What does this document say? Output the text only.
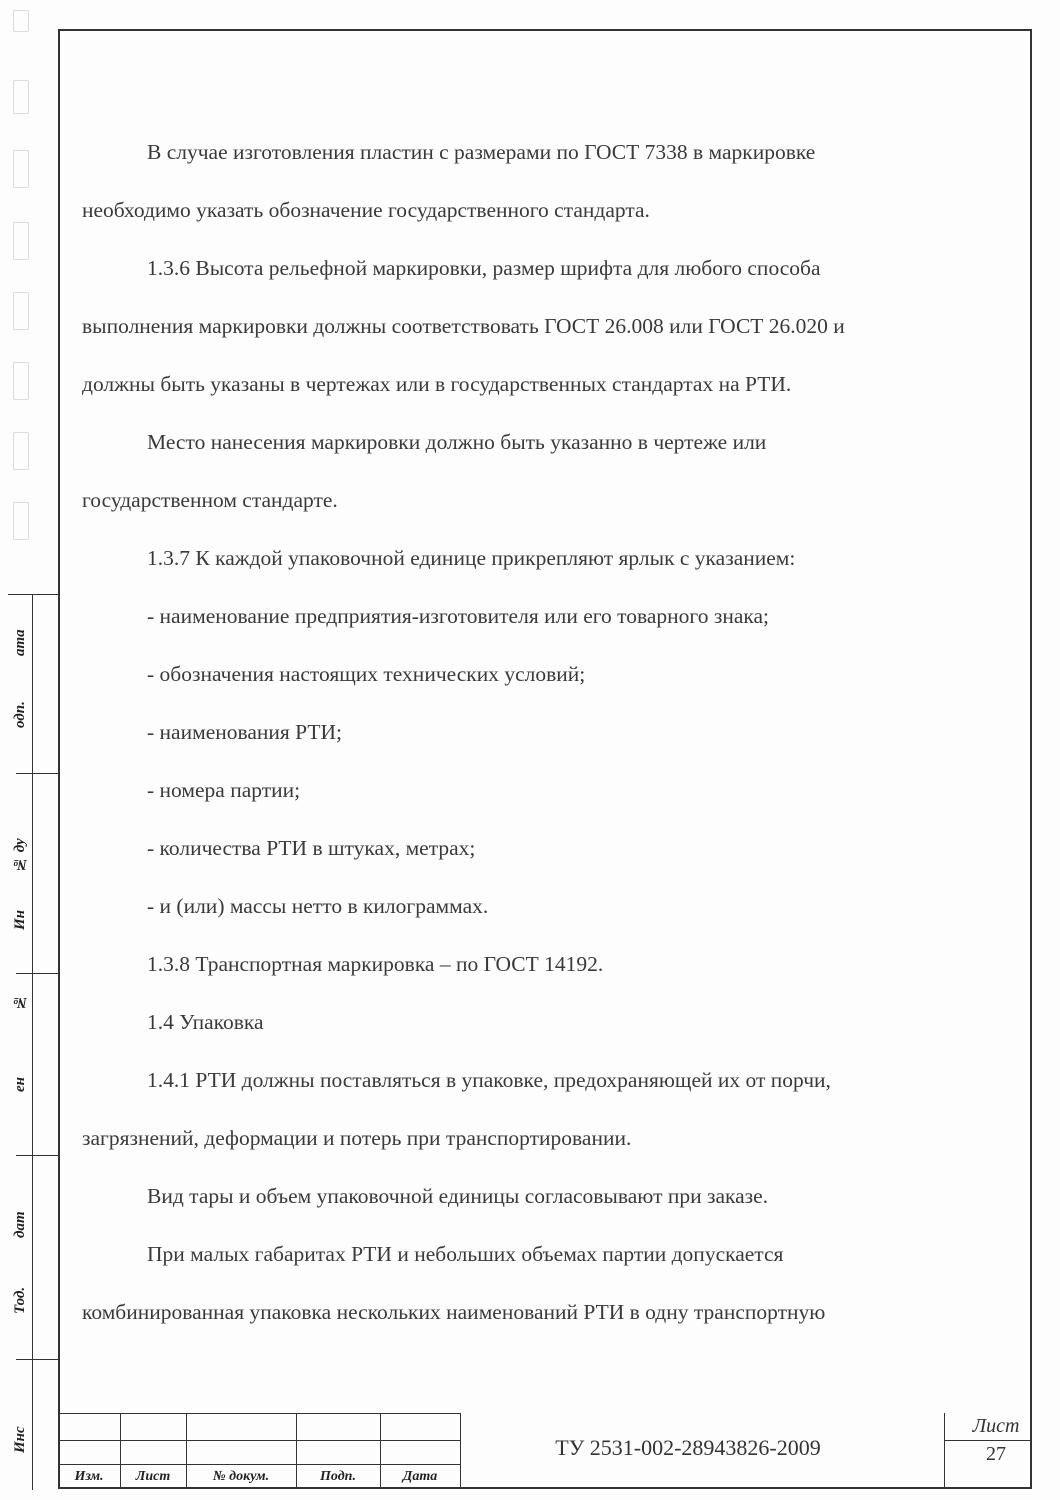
ата
одп.
№ ду
Ин
№
ен
дат
Тод.
Инс
В случае изготовления пластин с размерами по ГОСТ 7338 в маркировке
необходимо указать обозначение государственного стандарта.
1.3.6 Высота рельефной маркировки, размер шрифта для любого способа
выполнения маркировки должны соответствовать ГОСТ 26.008 или ГОСТ 26.020 и
должны быть указаны в чертежах или в государственных стандартах на РТИ.
Место нанесения маркировки должно быть указанно в чертеже или
государственном стандарте.
1.3.7 К каждой упаковочной единице прикрепляют ярлык с указанием:
- наименование предприятия-изготовителя или его товарного знака;
- обозначения настоящих технических условий;
- наименования РТИ;
- номера партии;
- количества РТИ в штуках, метрах;
- и (или) массы нетто в килограммах.
1.3.8 Транспортная маркировка – по ГОСТ 14192.
1.4 Упаковка
1.4.1 РТИ должны поставляться в упаковке, предохраняющей их от порчи,
загрязнений, деформации и потерь при транспортировании.
Вид тары и объем упаковочной единицы согласовывают при заказе.
При малых габаритах РТИ и небольших объемах партии допускается
комбинированная упаковка нескольких наименований РТИ в одну транспортную
Изм.	Лист	№ докум.	Подп.	Дата
ТУ 2531-002-28943826-2009
Лист
27
